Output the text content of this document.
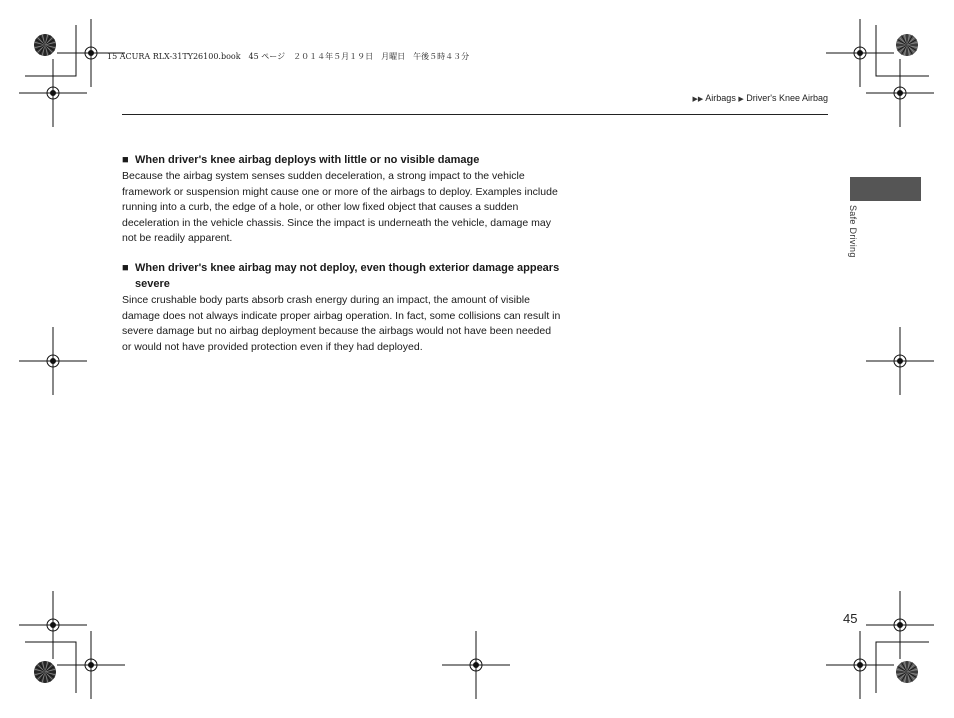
15 ACURA RLX-31TY26100.book　45 ページ　２０１４年５月１９日　月曜日　午後５時４３分
▶▶ Airbags ▶ Driver's Knee Airbag
■ When driver's knee airbag deploys with little or no visible damage
Because the airbag system senses sudden deceleration, a strong impact to the vehicle framework or suspension might cause one or more of the airbags to deploy. Examples include running into a curb, the edge of a hole, or other low fixed object that causes a sudden deceleration in the vehicle chassis. Since the impact is underneath the vehicle, damage may not be readily apparent.
■ When driver's knee airbag may not deploy, even though exterior damage appears severe
Since crushable body parts absorb crash energy during an impact, the amount of visible damage does not always indicate proper airbag operation. In fact, some collisions can result in severe damage but no airbag deployment because the airbags would not have been needed or would not have provided protection even if they had deployed.
Safe Driving
45
